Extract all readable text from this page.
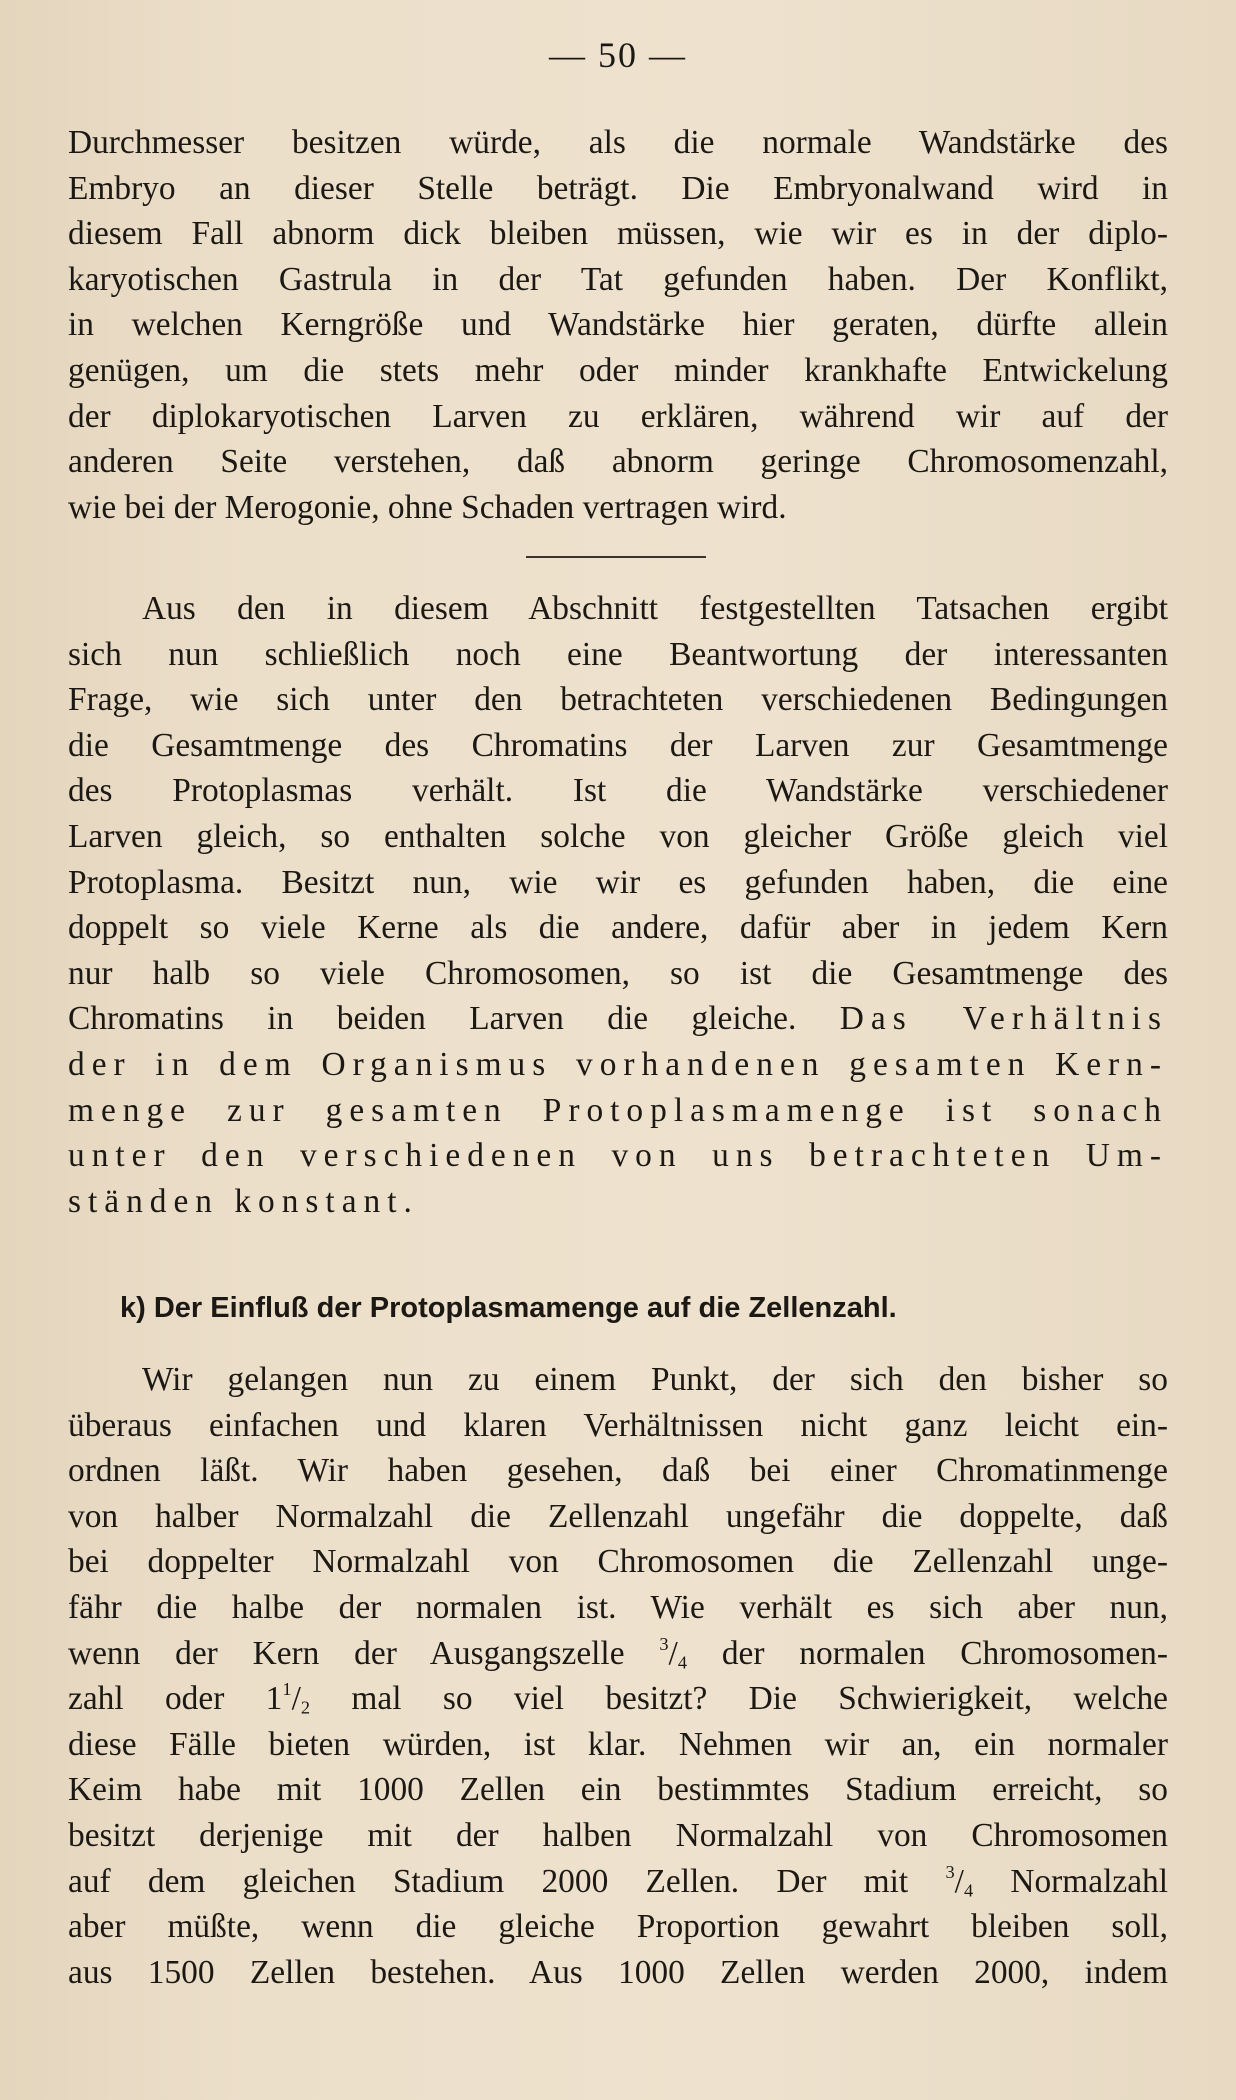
— 50 —
Durchmesser besitzen würde, als die normale Wandstärke des
Embryo an dieser Stelle beträgt. Die Embryonalwand wird in
diesem Fall abnorm dick bleiben müssen, wie wir es in der diplo-
karyotischen Gastrula in der Tat gefunden haben. Der Konflikt,
in welchen Kerngröße und Wandstärke hier geraten, dürfte allein
genügen, um die stets mehr oder minder krankhafte Entwickelung
der diplokaryotischen Larven zu erklären, während wir auf der
anderen Seite verstehen, daß abnorm geringe Chromosomenzahl,
wie bei der Merogonie, ohne Schaden vertragen wird.
Aus den in diesem Abschnitt festgestellten Tatsachen ergibt
sich nun schließlich noch eine Beantwortung der interessanten
Frage, wie sich unter den betrachteten verschiedenen Bedingungen
die Gesamtmenge des Chromatins der Larven zur Gesamtmenge
des Protoplasmas verhält. Ist die Wandstärke verschiedener
Larven gleich, so enthalten solche von gleicher Größe gleich viel
Protoplasma. Besitzt nun, wie wir es gefunden haben, die eine
doppelt so viele Kerne als die andere, dafür aber in jedem Kern
nur halb so viele Chromosomen, so ist die Gesamtmenge des
Chromatins in beiden Larven die gleiche. Das Verhältnis
der in dem Organismus vorhandenen gesamten Kern-
menge zur gesamten Protoplasmamenge ist sonach
unter den verschiedenen von uns betrachteten Um-
ständen konstant.
k) Der Einfluß der Protoplasmamenge auf die Zellenzahl.
Wir gelangen nun zu einem Punkt, der sich den bisher so
überaus einfachen und klaren Verhältnissen nicht ganz leicht ein-
ordnen läßt. Wir haben gesehen, daß bei einer Chromatinmenge
von halber Normalzahl die Zellenzahl ungefähr die doppelte, daß
bei doppelter Normalzahl von Chromosomen die Zellenzahl unge-
fähr die halbe der normalen ist. Wie verhält es sich aber nun,
wenn der Kern der Ausgangszelle $^3/_4$ der normalen Chromosomen-
zahl oder $1^1/_2$ mal so viel besitzt? Die Schwierigkeit, welche
diese Fälle bieten würden, ist klar. Nehmen wir an, ein normaler
Keim habe mit 1000 Zellen ein bestimmtes Stadium erreicht, so
besitzt derjenige mit der halben Normalzahl von Chromosomen
auf dem gleichen Stadium 2000 Zellen. Der mit $^3/_4$ Normalzahl
aber müßte, wenn die gleiche Proportion gewahrt bleiben soll,
aus 1500 Zellen bestehen. Aus 1000 Zellen werden 2000, indem
